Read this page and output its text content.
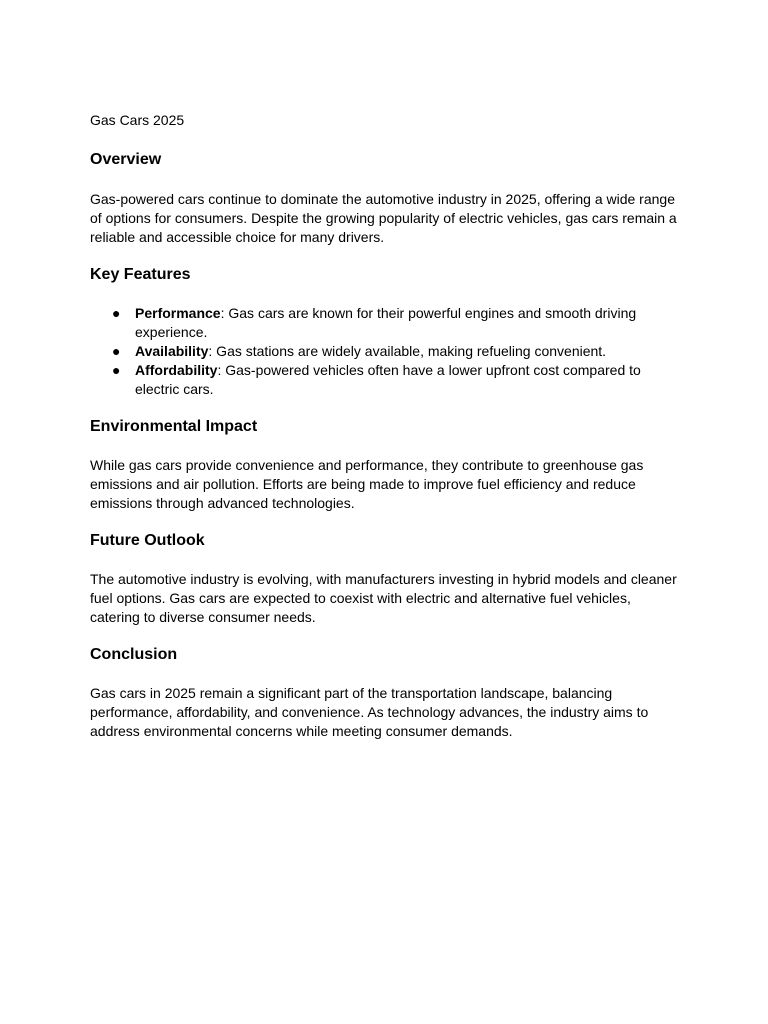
Gas Cars 2025

Overview

Gas-powered cars continue to dominate the automotive industry in 2025, offering a wide range of options for consumers. Despite the growing popularity of electric vehicles, gas cars remain a reliable and accessible choice for many drivers.

Key Features
● Performance: Gas cars are known for their powerful engines and smooth driving experience.
● Availability: Gas stations are widely available, making refueling convenient.
● Affordability: Gas-powered vehicles often have a lower upfront cost compared to electric cars.
Environmental Impact

While gas cars provide convenience and performance, they contribute to greenhouse gas emissions and air pollution. Efforts are being made to improve fuel efficiency and reduce emissions through advanced technologies.

Future Outlook

The automotive industry is evolving, with manufacturers investing in hybrid models and cleaner fuel options. Gas cars are expected to coexist with electric and alternative fuel vehicles, catering to diverse consumer needs.

Conclusion

Gas cars in 2025 remain a significant part of the transportation landscape, balancing performance, affordability, and convenience. As technology advances, the industry aims to address environmental concerns while meeting consumer demands.
